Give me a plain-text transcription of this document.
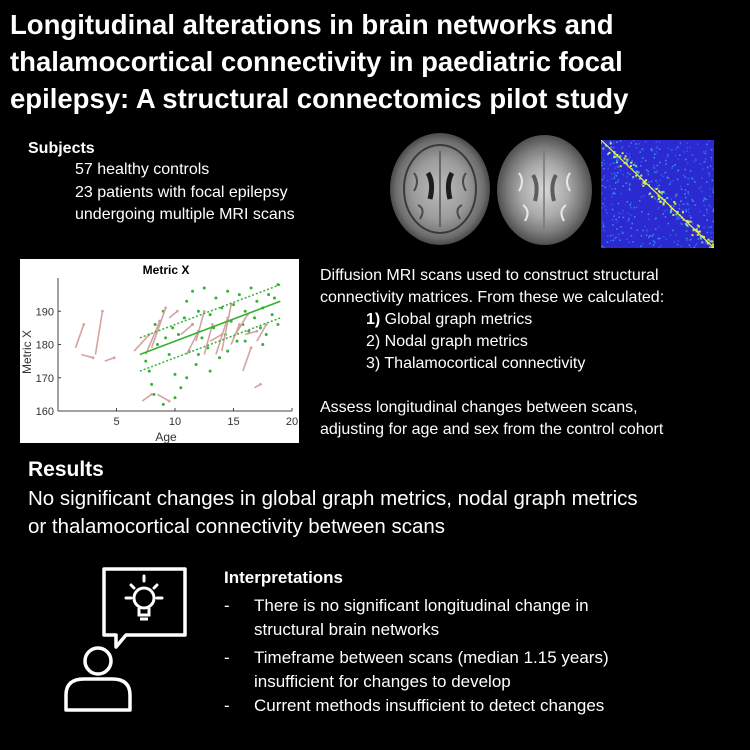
Longitudinal alterations in brain networks and
thalamocortical connectivity in paediatric focal
epilepsy: A structural connectomics pilot study
Subjects
57 healthy controls
23 patients with focal epilepsy
undergoing multiple MRI scans
Metric X
Age
Metric X
5	10	15	20
160
170
180
190
Diffusion MRI scans used to construct structural
connectivity matrices. From these we calculated:
1) Global graph metrics
2) Nodal graph metrics
3) Thalamocortical connectivity
Assess longitudinal changes between scans,
adjusting for age and sex from the control cohort
Results
No significant changes in global graph metrics, nodal graph metrics
or thalamocortical connectivity between scans
Interpretations
- There is no significant longitudinal change in
structural brain networks
- Timeframe between scans (median 1.15 years)
insufficient for changes to develop
- Current methods insufficient to detect changes
